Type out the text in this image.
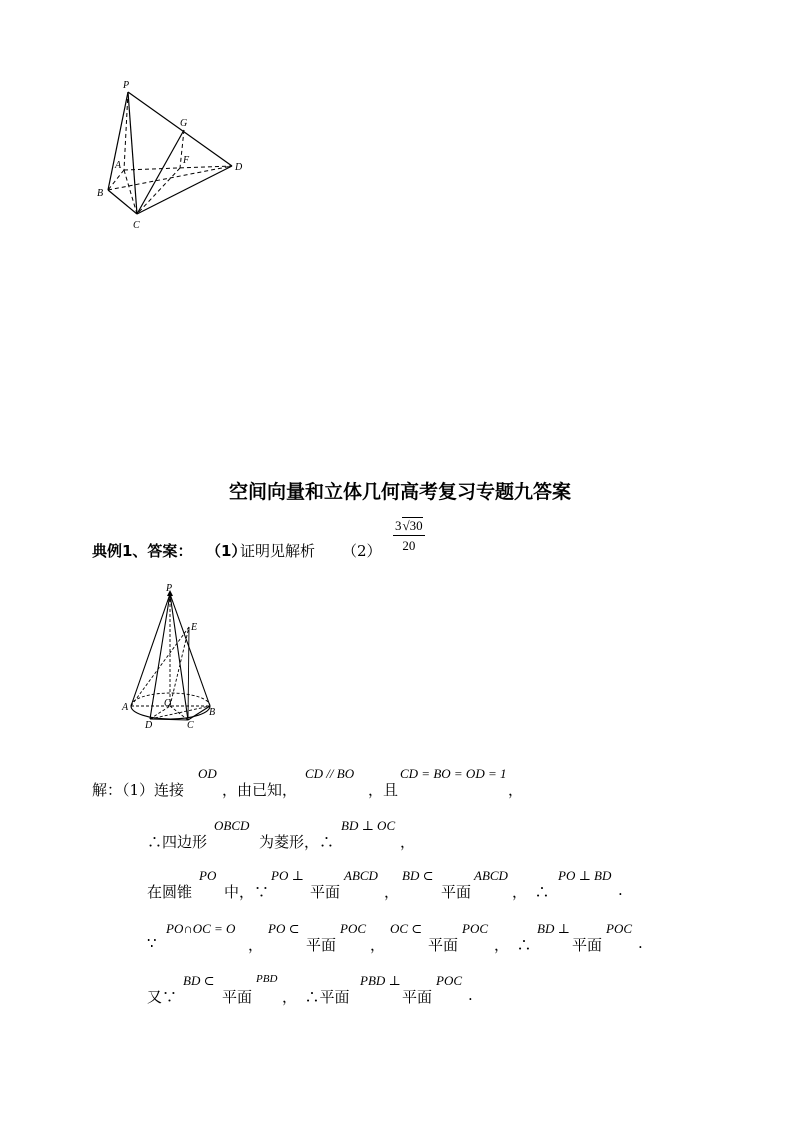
P
G
A	F
D
B
C
空间向量和立体几何高考复习专题九答案
典例1、答案： （1）
证明见解析 $(2) \frac{3√30}{20}$
P
E
A	O
B
D	C
解：（1）连接
OD
，由已知，
CD // BO
，且
CD = BO = OD = 1
，
∴四边形
OBCD
为菱形，∴
BD ⊥ OC
，
在圆锥
PO
中，∵
PO ⊥
平面
ABCD
，
BD ⊂
平面
ABCD
，　∴
PO ⊥ BD
.
∵
PO∩OC = O
，
PO ⊂
平面
POC
，
OC ⊂
平面
POC
，　∴
BD ⊥
平面
POC
.
又∵
BD ⊂
平面
PBD
，　∴平面
PBD ⊥
平面
POC
.
